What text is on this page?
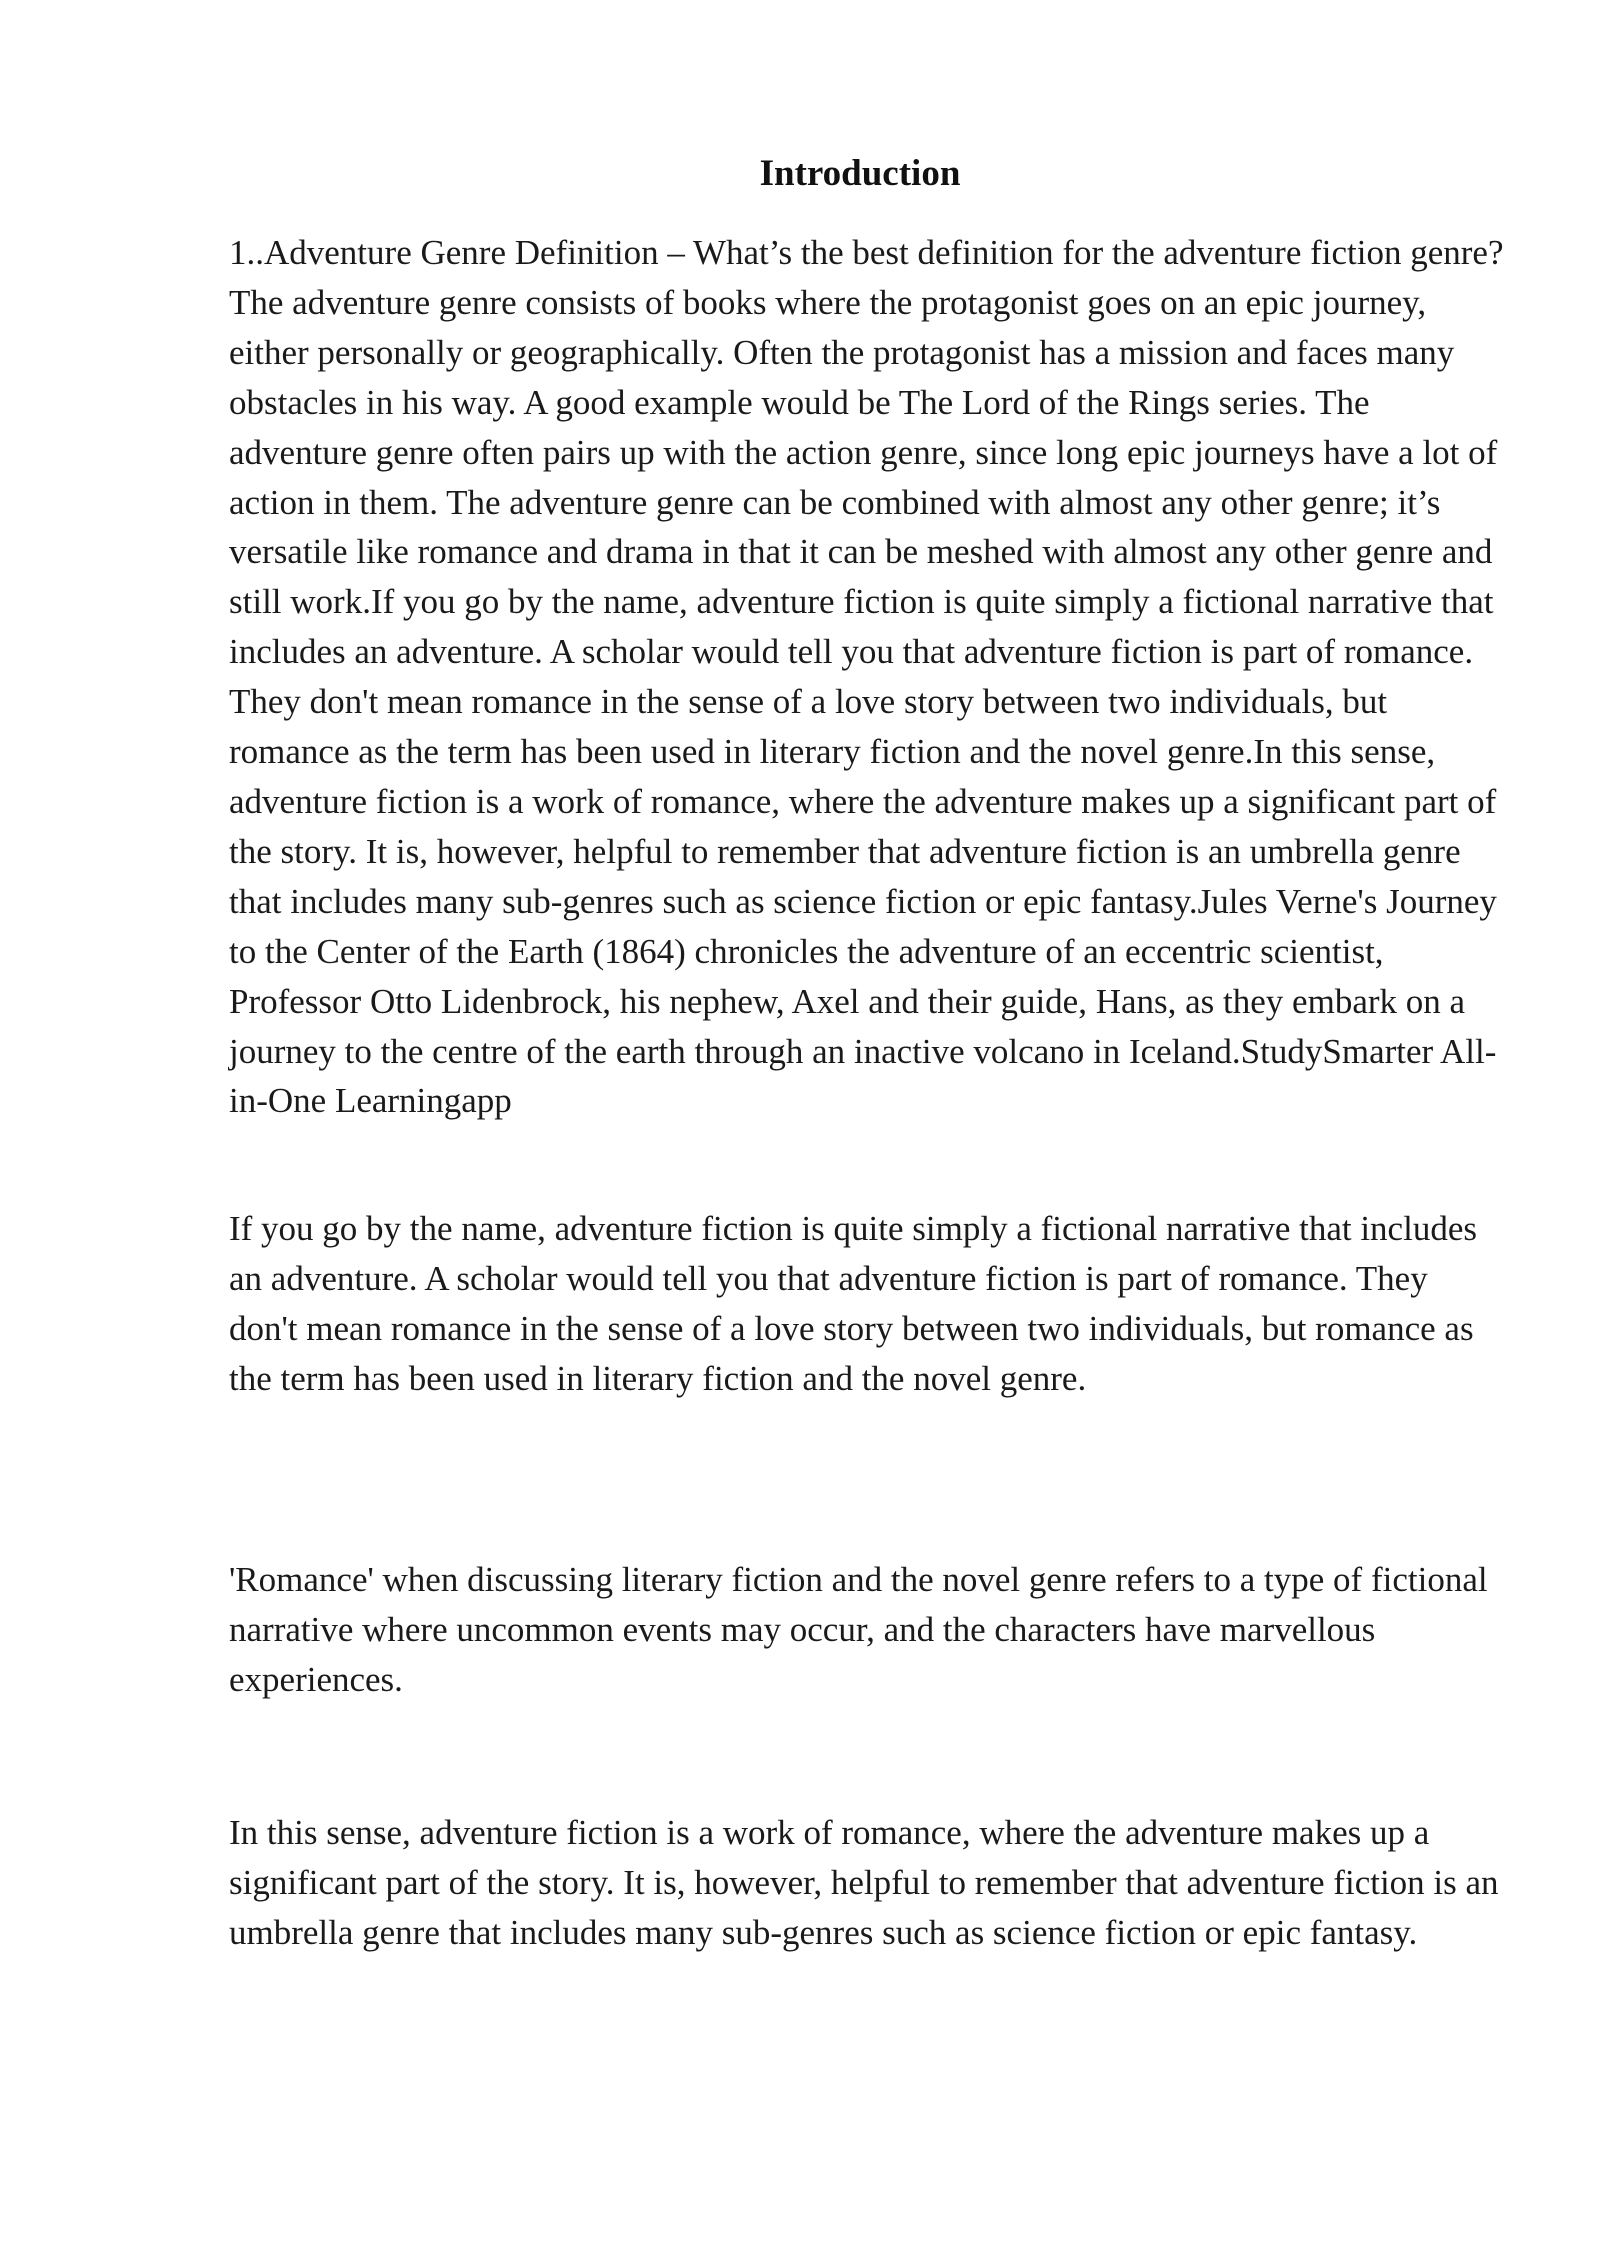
Introduction

1..Adventure Genre Definition – What’s the best definition for the adventure fiction genre? The adventure genre consists of books where the protagonist goes on an epic journey, either personally or geographically. Often the protagonist has a mission and faces many obstacles in his way. A good example would be The Lord of the Rings series. The adventure genre often pairs up with the action genre, since long epic journeys have a lot of action in them. The adventure genre can be combined with almost any other genre; it’s versatile like romance and drama in that it can be meshed with almost any other genre and still work.If you go by the name, adventure fiction is quite simply a fictional narrative that includes an adventure. A scholar would tell you that adventure fiction is part of romance. They don't mean romance in the sense of a love story between two individuals, but romance as the term has been used in literary fiction and the novel genre.In this sense, adventure fiction is a work of romance, where the adventure makes up a significant part of the story. It is, however, helpful to remember that adventure fiction is an umbrella genre that includes many sub-genres such as science fiction or epic fantasy.Jules Verne's Journey to the Center of the Earth (1864) chronicles the adventure of an eccentric scientist, Professor Otto Lidenbrock, his nephew, Axel and their guide, Hans, as they embark on a journey to the centre of the earth through an inactive volcano in Iceland.StudySmarter All-in-One Learningapp

If you go by the name, adventure fiction is quite simply a fictional narrative that includes an adventure. A scholar would tell you that adventure fiction is part of romance. They don't mean romance in the sense of a love story between two individuals, but romance as the term has been used in literary fiction and the novel genre.

'Romance' when discussing literary fiction and the novel genre refers to a type of fictional narrative where uncommon events may occur, and the characters have marvellous experiences.

In this sense, adventure fiction is a work of romance, where the adventure makes up a significant part of the story. It is, however, helpful to remember that adventure fiction is an umbrella genre that includes many sub-genres such as science fiction or epic fantasy.
